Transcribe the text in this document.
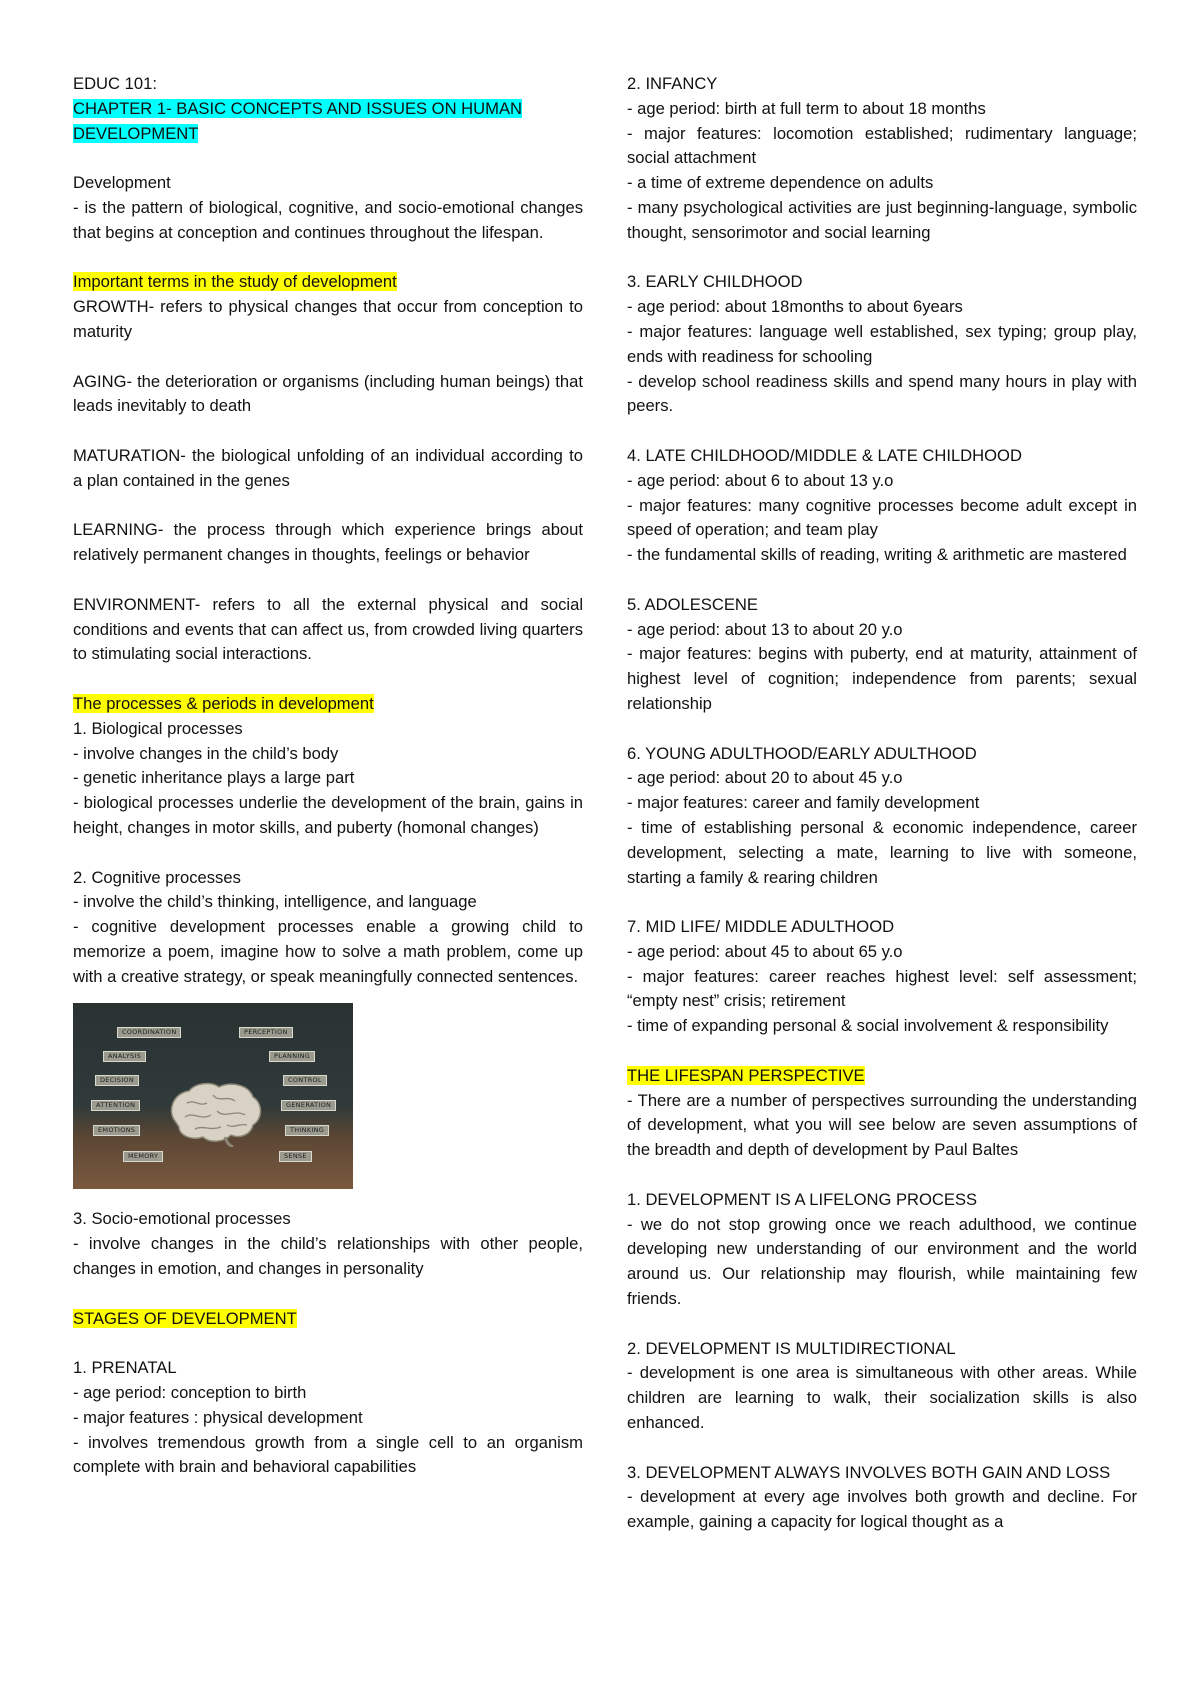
EDUC 101:

CHAPTER 1- BASIC CONCEPTS AND ISSUES ON HUMAN

DEVELOPMENT

Development

- is the pattern of biological, cognitive, and socio-emotional changes that begins at conception and continues throughout the lifespan.

Important terms in the study of development

GROWTH- refers to physical changes that occur from conception to maturity

AGING- the deterioration or organisms (including human beings) that leads inevitably to death

MATURATION- the biological unfolding of an individual according to a plan contained in the genes

LEARNING- the process through which experience brings about relatively permanent changes in thoughts, feelings or behavior

ENVIRONMENT- refers to all the external physical and social conditions and events that can affect us, from crowded living quarters to stimulating social interactions.

The processes & periods in development

1. Biological processes

- involve changes in the child’s body

- genetic inheritance plays a large part

- biological processes underlie the development of the brain, gains in height, changes in motor skills, and puberty (homonal changes)

2. Cognitive processes

- involve the child’s thinking, intelligence, and language

- cognitive development processes enable a growing child to memorize a poem, imagine how to solve a math problem, come up with a creative strategy, or speak meaningfully connected sentences.

COORDINATION	PERCEPTION
ANALYSIS	PLANNING
DECISION	CONTROL
ATTENTION	GENERATION
EMOTIONS	THINKING
MEMORY	SENSE

3. Socio-emotional processes

- involve changes in the child’s relationships with other people, changes in emotion, and changes in personality

STAGES OF DEVELOPMENT

1. PRENATAL

- age period: conception to birth

- major features : physical development

- involves tremendous growth from a single cell to an organism complete with brain and behavioral capabilities

2. INFANCY

- age period: birth at full term to about 18 months

- major features: locomotion established; rudimentary language; social attachment

- a time of extreme dependence on adults

- many psychological activities are just beginning-language, symbolic thought, sensorimotor and social learning

3. EARLY CHILDHOOD

- age period: about 18months to about 6years

- major features: language well established, sex typing; group play, ends with readiness for schooling

- develop school readiness skills and spend many hours in play with peers.

4. LATE CHILDHOOD/MIDDLE & LATE CHILDHOOD

- age period: about 6 to about 13 y.o

- major features: many cognitive processes become adult except in speed of operation; and team play

- the fundamental skills of reading, writing & arithmetic are mastered

5. ADOLESCENE

- age period: about 13 to about 20 y.o

- major features: begins with puberty, end at maturity, attainment of highest level of cognition; independence from parents; sexual relationship

6. YOUNG ADULTHOOD/EARLY ADULTHOOD

- age period: about 20 to about 45 y.o

- major features: career and family development

- time of establishing personal & economic independence, career development, selecting a mate, learning to live with someone, starting a family & rearing children

7. MID LIFE/ MIDDLE ADULTHOOD

- age period: about 45 to about 65 y.o

- major features: career reaches highest level: self assessment; “empty nest” crisis; retirement

- time of expanding personal & social involvement & responsibility

THE LIFESPAN PERSPECTIVE

- There are a number of perspectives surrounding the understanding of development, what you will see below are seven assumptions of the breadth and depth of development by Paul Baltes

1. DEVELOPMENT IS A LIFELONG PROCESS

- we do not stop growing once we reach adulthood, we continue developing new understanding of our environment and the world around us. Our relationship may flourish, while maintaining few friends.

2. DEVELOPMENT IS MULTIDIRECTIONAL

- development is one area is simultaneous with other areas. While children are learning to walk, their socialization skills is also enhanced.

3. DEVELOPMENT ALWAYS INVOLVES BOTH GAIN AND LOSS

- development at every age involves both growth and decline. For example, gaining a capacity for logical thought as a
